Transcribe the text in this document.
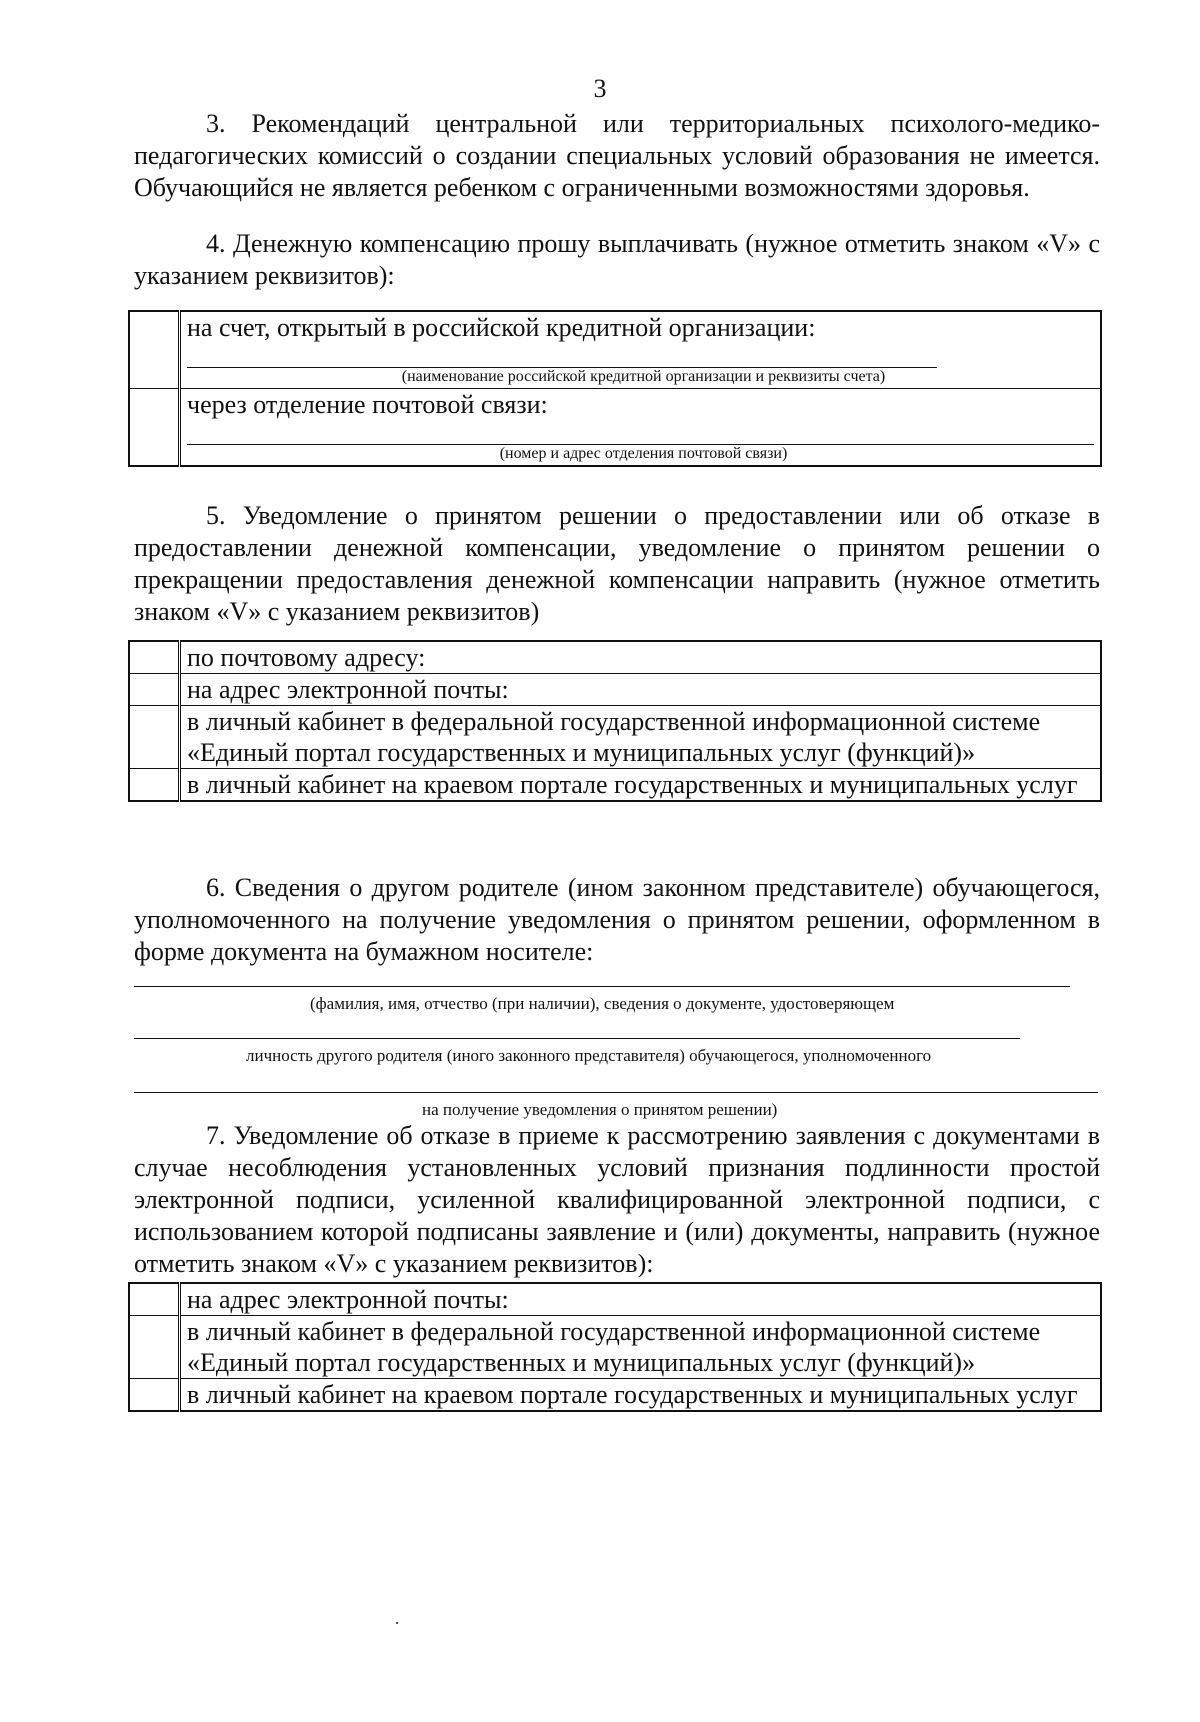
3
3. Рекомендаций центральной или территориальных психолого-медико-педагогических комиссий о создании специальных условий образования не имеется. Обучающийся не является ребенком с ограниченными возможностями здоровья.
4. Денежную компенсацию прошу выплачивать (нужное отметить знаком «V» с указанием реквизитов):

	на счет, открытый в российской кредитной организации:
(наименование российской кредитной организации и реквизиты счета)

	через отделение почтовой связи:
(номер и адрес отделения почтовой связи)
5. Уведомление о принятом решении о предоставлении или об отказе в предоставлении денежной компенсации, уведомление о принятом решении о прекращении предоставления денежной компенсации направить (нужное отметить знаком «V» с указанием реквизитов)
	по почтовому адресу:
	на адрес электронной почты:
	в личный кабинет в федеральной государственной информационной системе «Единый портал государственных и муниципальных услуг (функций)»
	в личный кабинет на краевом портале государственных и муниципальных услуг
6. Сведения о другом родителе (ином законном представителе) обучающегося, уполномоченного на получение уведомления о принятом решении, оформленном в форме документа на бумажном носителе:
(фамилия, имя, отчество (при наличии), сведения о документе, удостоверяющем
личность другого родителя (иного законного представителя) обучающегося, уполномоченного
на получение уведомления о принятом решении)
7. Уведомление об отказе в приеме к рассмотрению заявления с документами в случае несоблюдения установленных условий признания подлинности простой электронной подписи, усиленной квалифицированной электронной подписи, с использованием которой подписаны заявление и (или) документы, направить (нужное отметить знаком «V» с указанием реквизитов):
	на адрес электронной почты:
	в личный кабинет в федеральной государственной информационной системе «Единый портал государственных и муниципальных услуг (функций)»
	в личный кабинет на краевом портале государственных и муниципальных услуг
